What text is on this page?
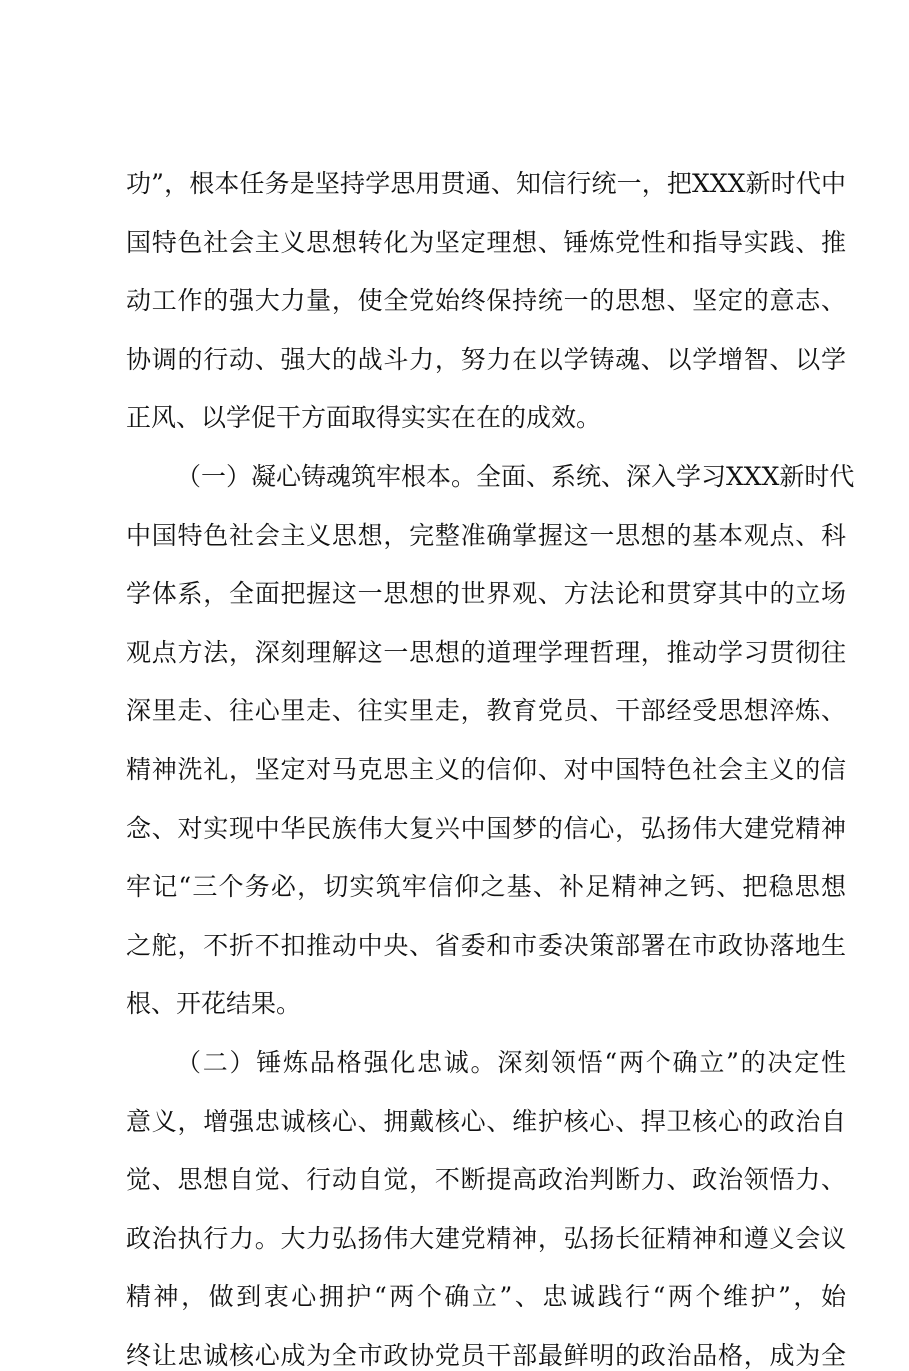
功”，根本任务是坚持学思用贯通、知信行统一，把XXX新时代中
国特色社会主义思想转化为坚定理想、锤炼党性和指导实践、推
动工作的强大力量，使全党始终保持统一的思想、坚定的意志、
协调的行动、强大的战斗力，努力在以学铸魂、以学增智、以学
正风、以学促干方面取得实实在在的成效。
（一）凝心铸魂筑牢根本。全面、系统、深入学习XXX新时代
中国特色社会主义思想，完整准确掌握这一思想的基本观点、科
学体系，全面把握这一思想的世界观、方法论和贯穿其中的立场
观点方法，深刻理解这一思想的道理学理哲理，推动学习贯彻往
深里走、往心里走、往实里走，教育党员、干部经受思想淬炼、
精神洗礼，坚定对马克思主义的信仰、对中国特色社会主义的信
念、对实现中华民族伟大复兴中国梦的信心，弘扬伟大建党精神
牢记“三个务必，切实筑牢信仰之基、补足精神之钙、把稳思想
之舵，不折不扣推动中央、省委和市委决策部署在市政协落地生
根、开花结果。
（二）锤炼品格强化忠诚。深刻领悟“两个确立”的决定性
意义，增强忠诚核心、拥戴核心、维护核心、捍卫核心的政治自
觉、思想自觉、行动自觉，不断提高政治判断力、政治领悟力、
政治执行力。大力弘扬伟大建党精神，弘扬长征精神和遵义会议
精神，做到衷心拥护“两个确立”、忠诚践行“两个维护”，始
终让忠诚核心成为全市政协党员干部最鲜明的政治品格，成为全
